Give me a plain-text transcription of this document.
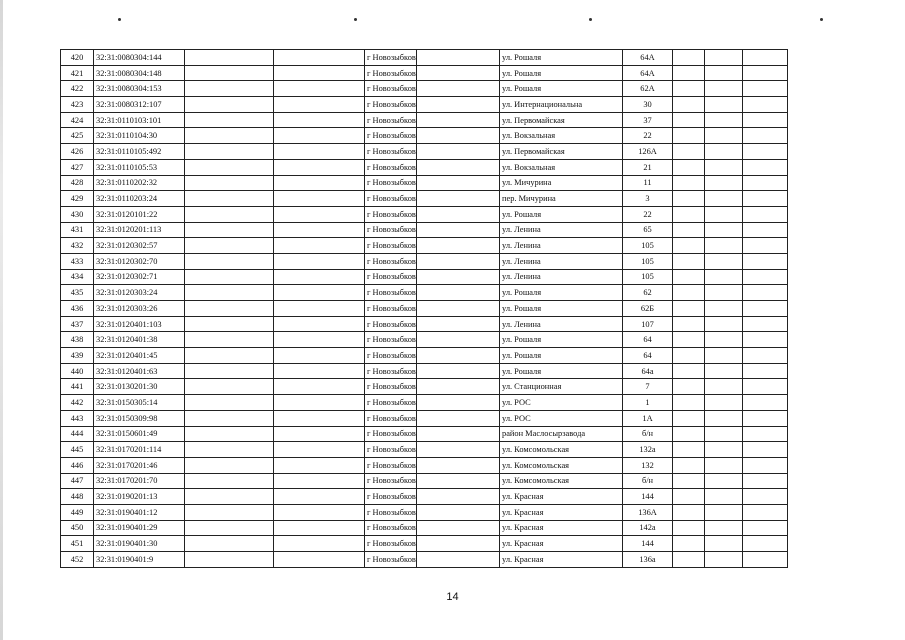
420	32:31:0080304:144			г Новозыбков		ул. Рошаля	64А			
421	32:31:0080304:148			г Новозыбков		ул. Рошаля	64А			
422	32:31:0080304:153			г Новозыбков		ул. Рошаля	62А			
423	32:31:0080312:107			г Новозыбков		ул. Интернациональна	30			
424	32:31:0110103:101			г Новозыбков		ул. Первомайская	37			
425	32:31:0110104:30			г Новозыбков		ул. Вокзальная	22			
426	32:31:0110105:492			г Новозыбков		ул. Первомайская	126А			
427	32:31:0110105:53			г Новозыбков		ул. Вокзальная	21			
428	32:31:0110202:32			г Новозыбков		ул. Мичурина	11			
429	32:31:0110203:24			г Новозыбков		пер. Мичурина	3			
430	32:31:0120101:22			г Новозыбков		ул. Рошаля	22			
431	32:31:0120201:113			г Новозыбков		ул. Ленина	65			
432	32:31:0120302:57			г Новозыбков		ул. Ленина	105			
433	32:31:0120302:70			г Новозыбков		ул. Ленина	105			
434	32:31:0120302:71			г Новозыбков		ул. Ленина	105			
435	32:31:0120303:24			г Новозыбков		ул. Рошаля	62			
436	32:31:0120303:26			г Новозыбков		ул. Рошаля	62Б			
437	32:31:0120401:103			г Новозыбков		ул. Ленина	107			
438	32:31:0120401:38			г Новозыбков		ул. Рошаля	64			
439	32:31:0120401:45			г Новозыбков		ул. Рошаля	64			
440	32:31:0120401:63			г Новозыбков		ул. Рошаля	64а			
441	32:31:0130201:30			г Новозыбков		ул. Станционная	7			
442	32:31:0150305:14			г Новозыбков		ул. РОС	1			
443	32:31:0150309:98			г Новозыбков		ул. РОС	1А			
444	32:31:0150601:49			г Новозыбков		район Маслосырзавода	б/н			
445	32:31:0170201:114			г Новозыбков		ул. Комсомольская	132а			
446	32:31:0170201:46			г Новозыбков		ул. Комсомольская	132			
447	32:31:0170201:70			г Новозыбков		ул. Комсомольская	б/н			
448	32:31:0190201:13			г Новозыбков		ул. Красная	144			
449	32:31:0190401:12			г Новозыбков		ул. Красная	136А			
450	32:31:0190401:29			г Новозыбков		ул. Красная	142а			
451	32:31:0190401:30			г Новозыбков		ул. Красная	144			
452	32:31:0190401:9			г Новозыбков		ул. Красная	136а			
14
